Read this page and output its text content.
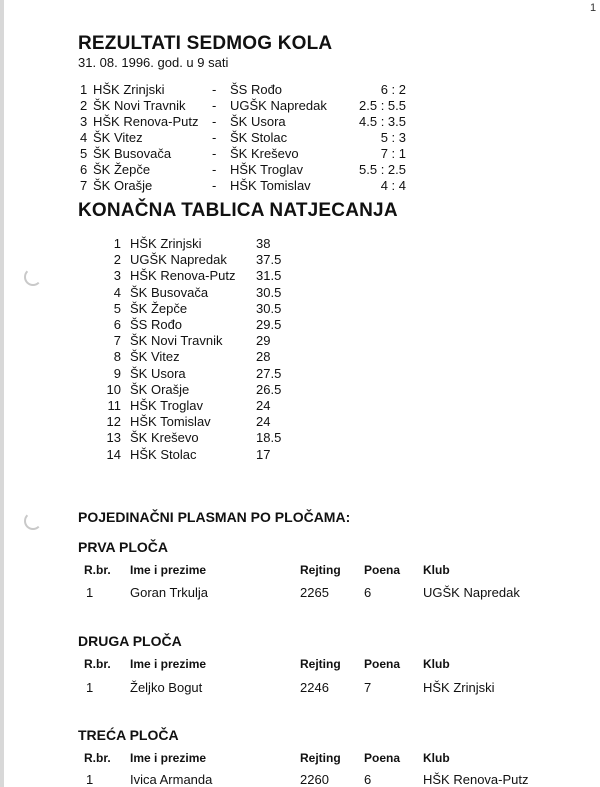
1
REZULTATI SEDMOG KOLA
31. 08. 1996. god. u 9 sati
1 HŠK Zrinjski	- ŠS Rođo	6 : 2
2 ŠK Novi Travnik - UGŠK Napredak 2.5 : 5.5
3 HŠK Renova-Putz - ŠK Usora	4.5 : 3.5
4 ŠK Vitez	- ŠK Stolac	5 : 3
5 ŠK Busovača	- ŠK Kreševo	7 : 1
6 ŠK Žepče	- HŠK Troglav	5.5 : 2.5
7 ŠK Orašje	- HŠK Tomislav	4 : 4
KONAČNA TABLICA NATJECANJA
1 HŠK Zrinjski	38
2 UGŠK Napredak 37.5
3 HŠK Renova-Putz 31.5
4 ŠK Busovača	30.5
5 ŠK Žepče	30.5
6 ŠS Rođo	29.5
7 ŠK Novi Travnik	29
8 ŠK Vitez	28
9 ŠK Usora	27.5
10 ŠK Orašje	26.5
11 HŠK Troglav	24
12 HŠK Tomislav	24
13 ŠK Kreševo	18.5
14 HŠK Stolac	17
POJEDINAČNI PLASMAN PO PLOČAMA:
PRVA PLOČA
R.br. Ime i prezime	Rejting Poena Klub
1	Goran Trkulja	2265	6	UGŠK Napredak
DRUGA PLOČA
R.br. Ime i prezime	Rejting Poena Klub
1	Željko Bogut	2246	7	HŠK Zrinjski
TREĆA PLOČA
R.br. Ime i prezime	Rejting Poena Klub
1	Ivica Armanda	2260	6	HŠK Renova-Putz
